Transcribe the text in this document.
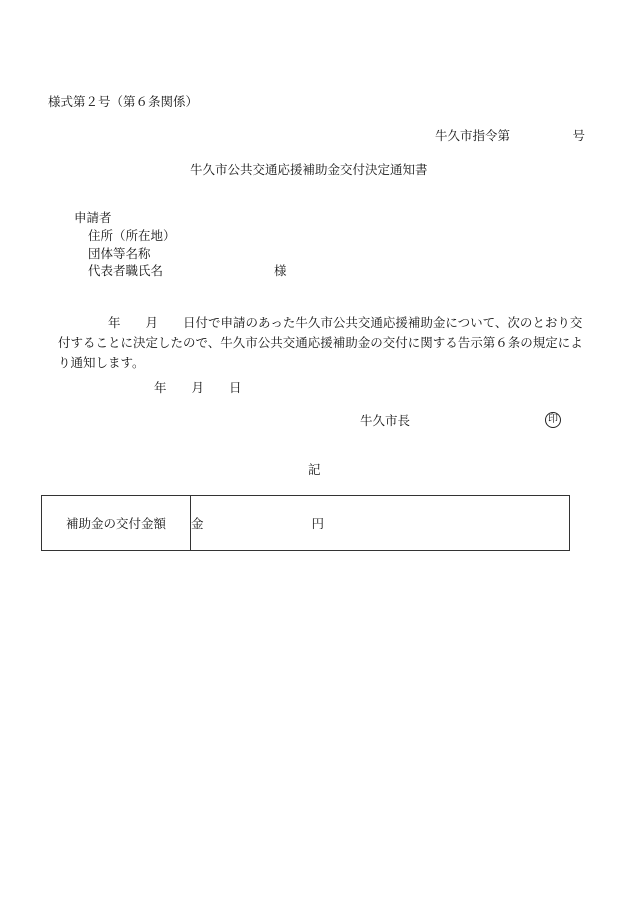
様式第２号（第６条関係）
牛久市指令第　　　　　号
牛久市公共交通応援補助金交付決定通知書
申請者
住所（所在地）
団体等名称
代表者職氏名	様
　　　　年　　月　　日付で申請のあった牛久市公共交通応援補助金について、次のとおり交付することに決定したので、牛久市公共交通応援補助金の交付に関する告示第６条の規定により通知します。
年　　月　　日
牛久市長	印
記
補助金の交付金額	金	円
